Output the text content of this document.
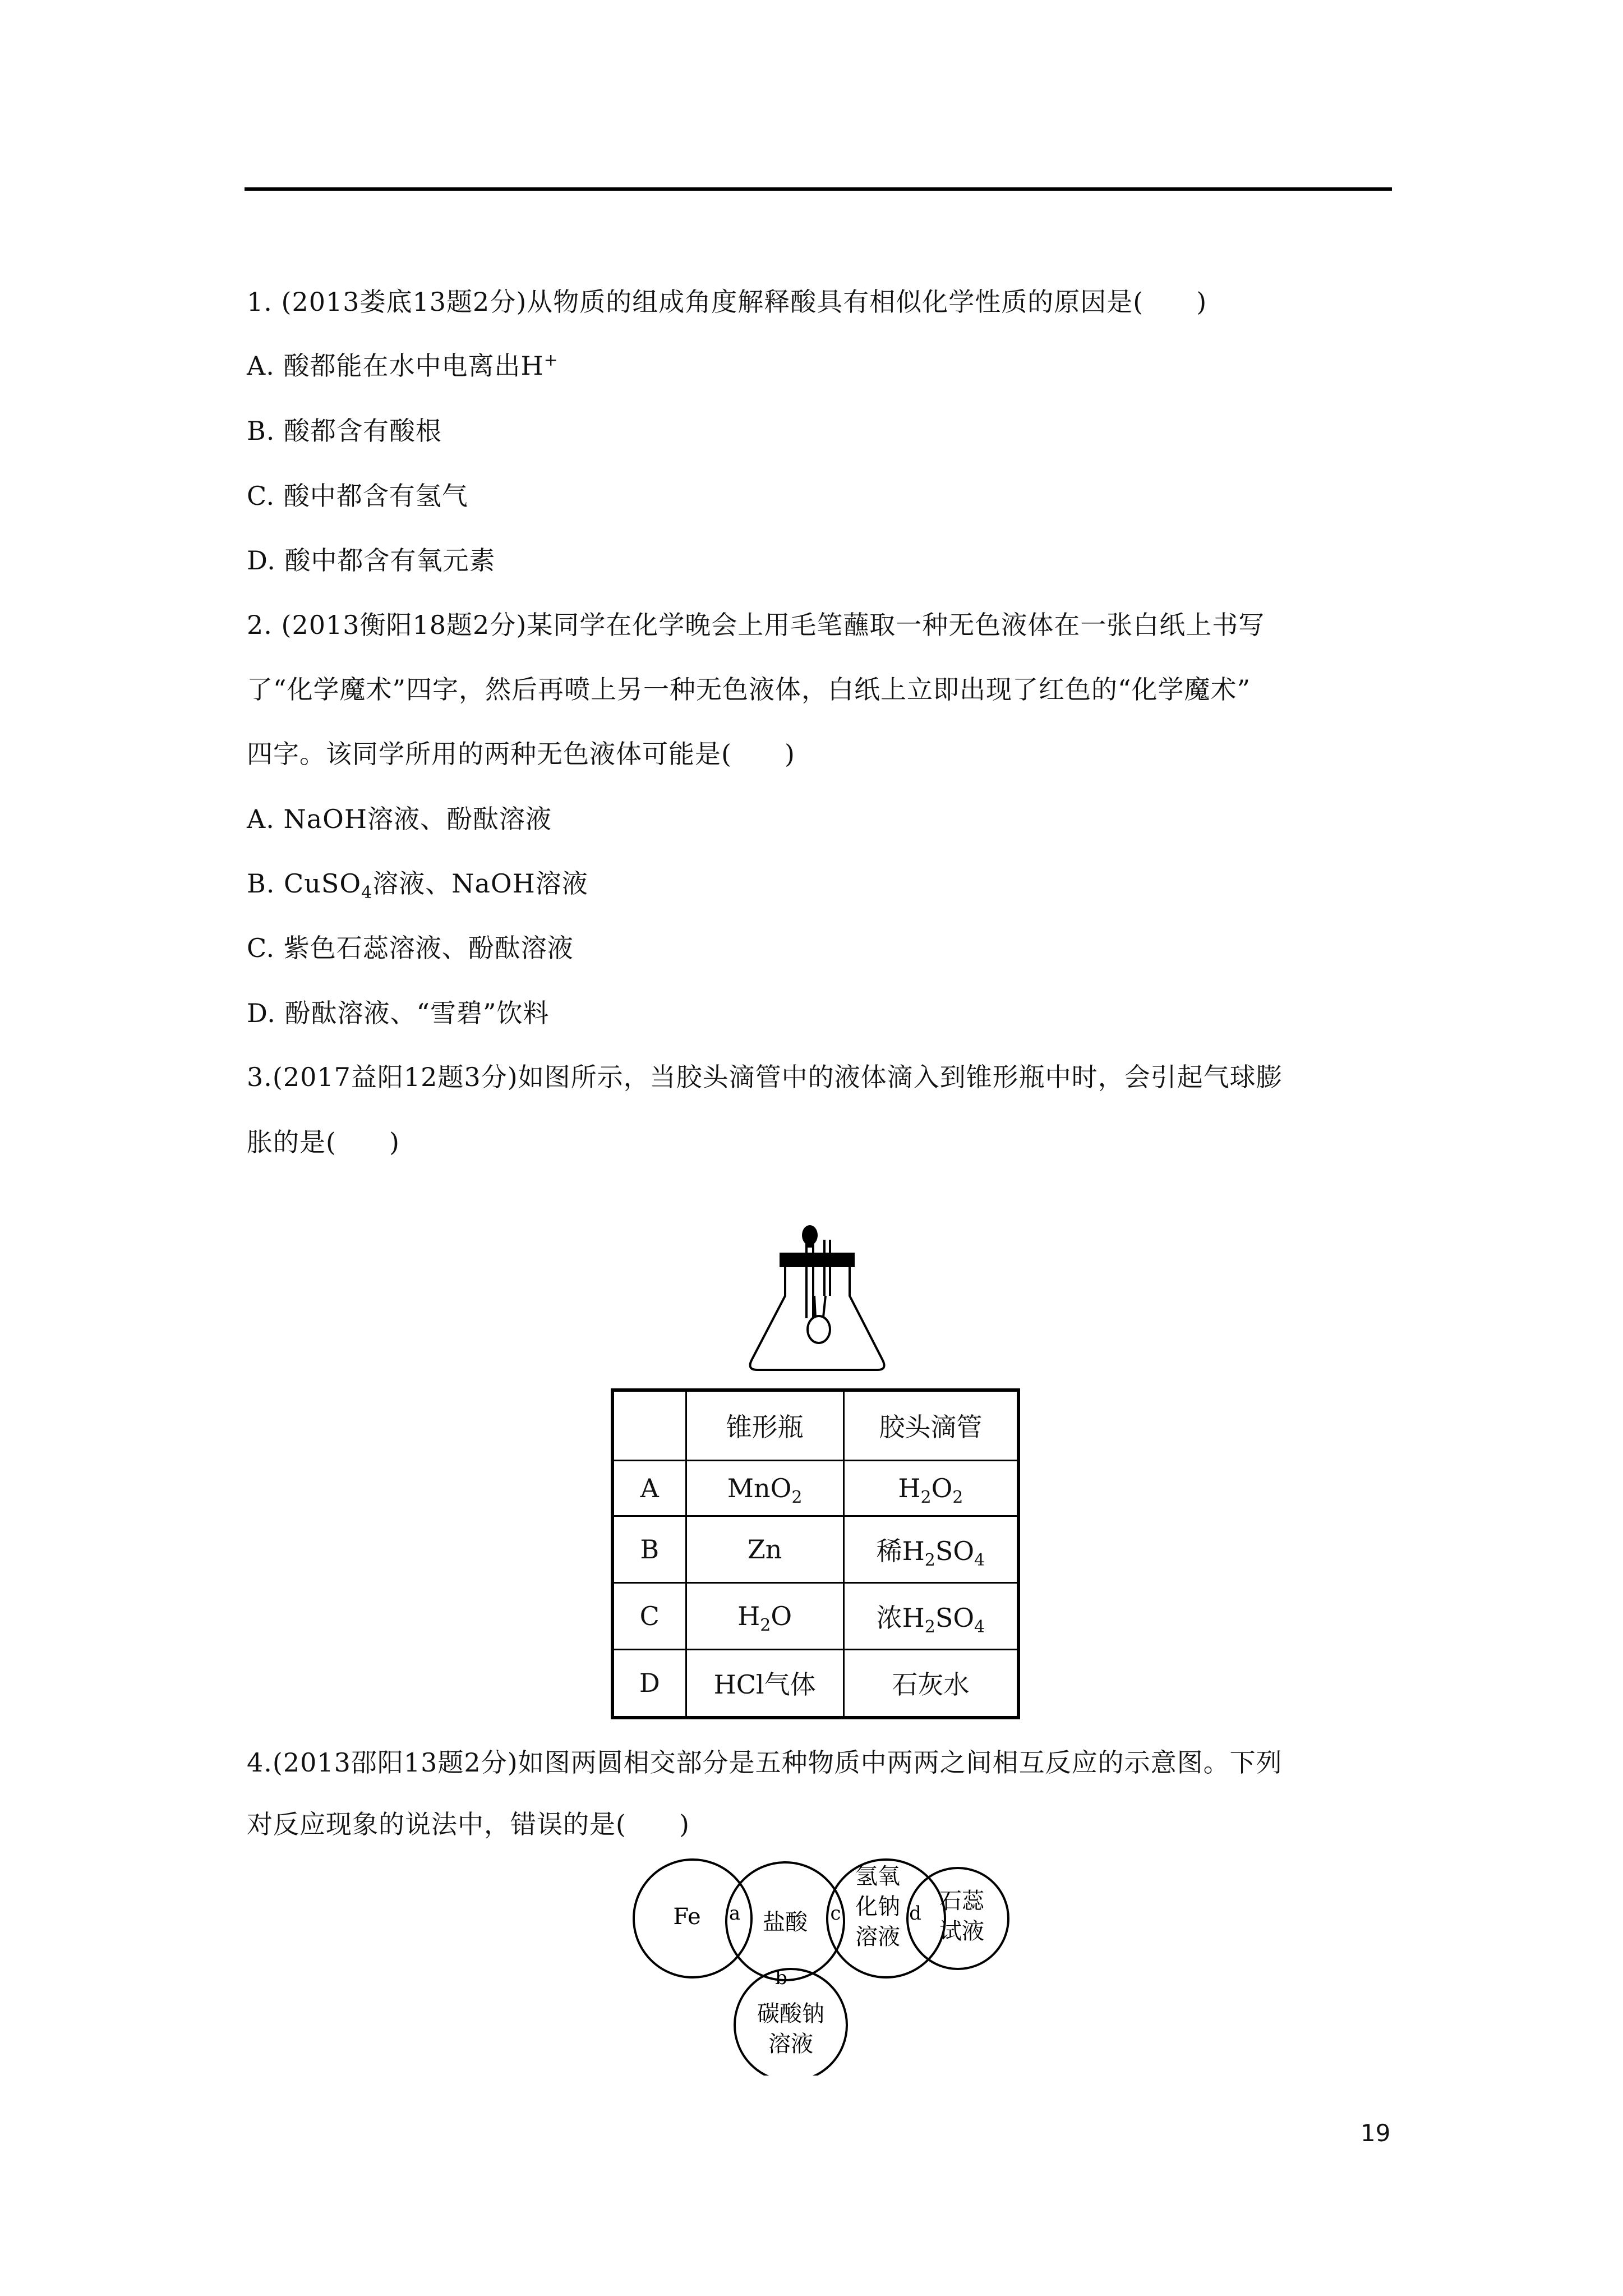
1. (2013娄底13题2分)从物质的组成角度解释酸具有相似化学性质的原因是(　　)
A. 酸都能在水中电离出H+
B. 酸都含有酸根
C. 酸中都含有氢气
D. 酸中都含有氧元素
2. (2013衡阳18题2分)某同学在化学晚会上用毛笔蘸取一种无色液体在一张白纸上书写
了“化学魔术”四字，然后再喷上另一种无色液体，白纸上立即出现了红色的“化学魔术”
四字。该同学所用的两种无色液体可能是(　　)
A. NaOH溶液、酚酞溶液
B. CuSO$_4$溶液、NaOH溶液
C. 紫色石蕊溶液、酚酞溶液
D. 酚酞溶液、“雪碧”饮料
3.(2017益阳12题3分)如图所示，当胶头滴管中的液体滴入到锥形瓶中时，会引起气球膨
胀的是(　　)
	锥形瓶	胶头滴管
A	MnO$_2$	$H_2O_2$
B	Zn	稀$H_2SO_4$
C	$H_2O$	浓$H_2SO_4$
D	HCl气体	石灰水
4.(2013邵阳13题2分)如图两圆相交部分是五种物质中两两之间相互反应的示意图。下列
对反应现象的说法中，错误的是(　　)
Fe	盐酸
氢氧
化钠
溶液
石蕊
试液
碳酸钠
溶液
a
b
c	d
19
